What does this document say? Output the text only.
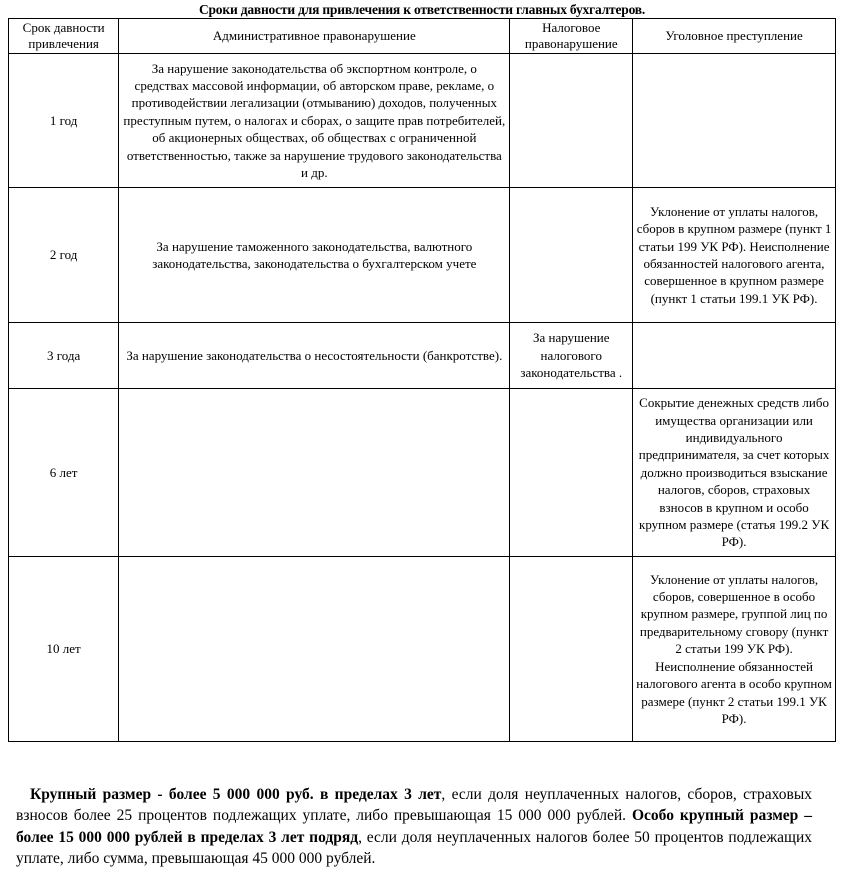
Сроки давности для привлечения к ответственности главных бухгалтеров.
Срок давности привлечения	Административное правонарушение	Налоговое правонарушение	Уголовное преступление
1 год	За нарушение законодательства об экспортном контроле, о средствах массовой информации, об авторском праве, рекламе, о противодействии легализации (отмыванию) доходов, полученных преступным путем, о налогах и сборах, о защите прав потребителей, об акционерных обществах, об обществах с ограниченной ответственностью, также за нарушение трудового законодательства и др.		
2 год	За нарушение таможенного законодательства, валютного законодательства, законодательства о бухгалтерском учете		Уклонение от уплаты налогов, сборов в крупном размере (пункт 1 статьи 199 УК РФ). Неисполнение обязанностей налогового агента, совершенное в крупном размере (пункт 1 статьи 199.1 УК РФ).
3 года	За нарушение законодательства о несостоятельности (банкротстве).	За нарушение налогового законодательства .	
6 лет			Сокрытие денежных средств либо имущества организации или индивидуального предпринимателя, за счет которых должно производиться взыскание налогов, сборов, страховых взносов в крупном и особо крупном размере (статья 199.2 УК РФ).
10 лет			Уклонение от уплаты налогов, сборов, совершенное в особо крупном размере, группой лиц по предварительному сговору (пункт 2 статьи 199 УК РФ). Неисполнение обязанностей налогового агента в особо крупном размере (пункт 2 статьи 199.1 УК РФ).

Крупный размер - более 5 000 000 руб. в пределах 3 лет, если доля неуплаченных налогов, сборов, страховых взносов более 25 процентов подлежащих уплате, либо превышающая 15 000 000 рублей. Особо крупный размер –более 15 000 000 рублей в пределах 3 лет подряд, если доля неуплаченных налогов более 50 процентов подлежащих уплате, либо сумма, превышающая 45 000 000 рублей.
